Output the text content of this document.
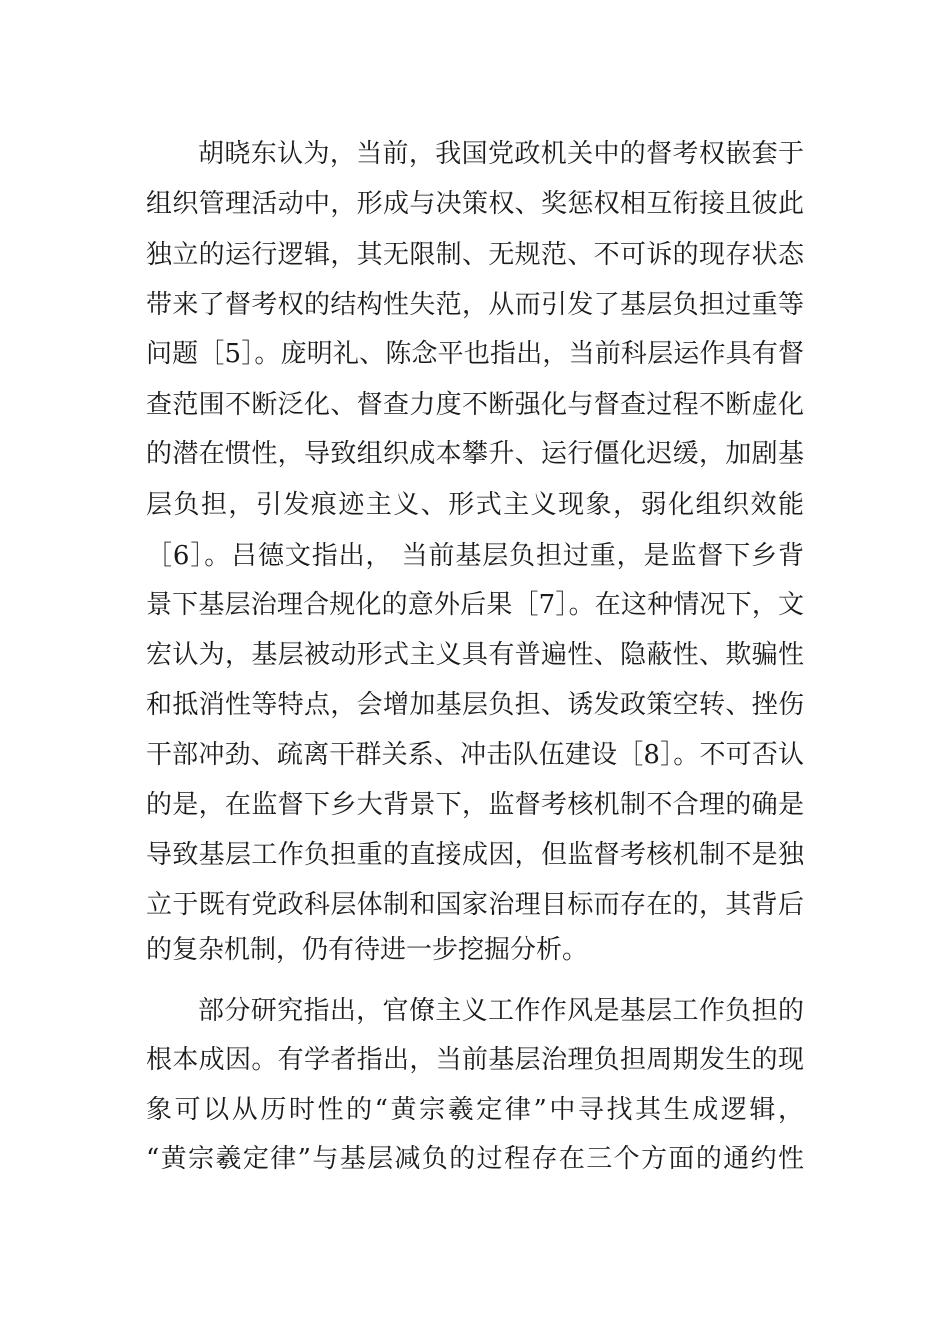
胡晓东认为，当前，我国党政机关中的督考权嵌套于
组织管理活动中，形成与决策权、奖惩权相互衔接且彼此
独立的运行逻辑，其无限制、无规范、不可诉的现存状态
带来了督考权的结构性失范，从而引发了基层负担过重等
问题［5］。庞明礼、陈念平也指出，当前科层运作具有督
查范围不断泛化、督查力度不断强化与督查过程不断虚化
的潜在惯性，导致组织成本攀升、运行僵化迟缓，加剧基
层负担，引发痕迹主义、形式主义现象，弱化组织效能
［6］。吕德文指出， 当前基层负担过重，是监督下乡背
景下基层治理合规化的意外后果［7］。在这种情况下，文
宏认为，基层被动形式主义具有普遍性、隐蔽性、欺骗性
和抵消性等特点，会增加基层负担、诱发政策空转、挫伤
干部冲劲、疏离干群关系、冲击队伍建设［8］。不可否认
的是，在监督下乡大背景下，监督考核机制不合理的确是
导致基层工作负担重的直接成因，但监督考核机制不是独
立于既有党政科层体制和国家治理目标而存在的，其背后
的复杂机制，仍有待进一步挖掘分析。
部分研究指出，官僚主义工作作风是基层工作负担的
根本成因。有学者指出，当前基层治理负担周期发生的现
象可以从历时性的“黄宗羲定律”中寻找其生成逻辑，
“黄宗羲定律”与基层减负的过程存在三个方面的通约性
